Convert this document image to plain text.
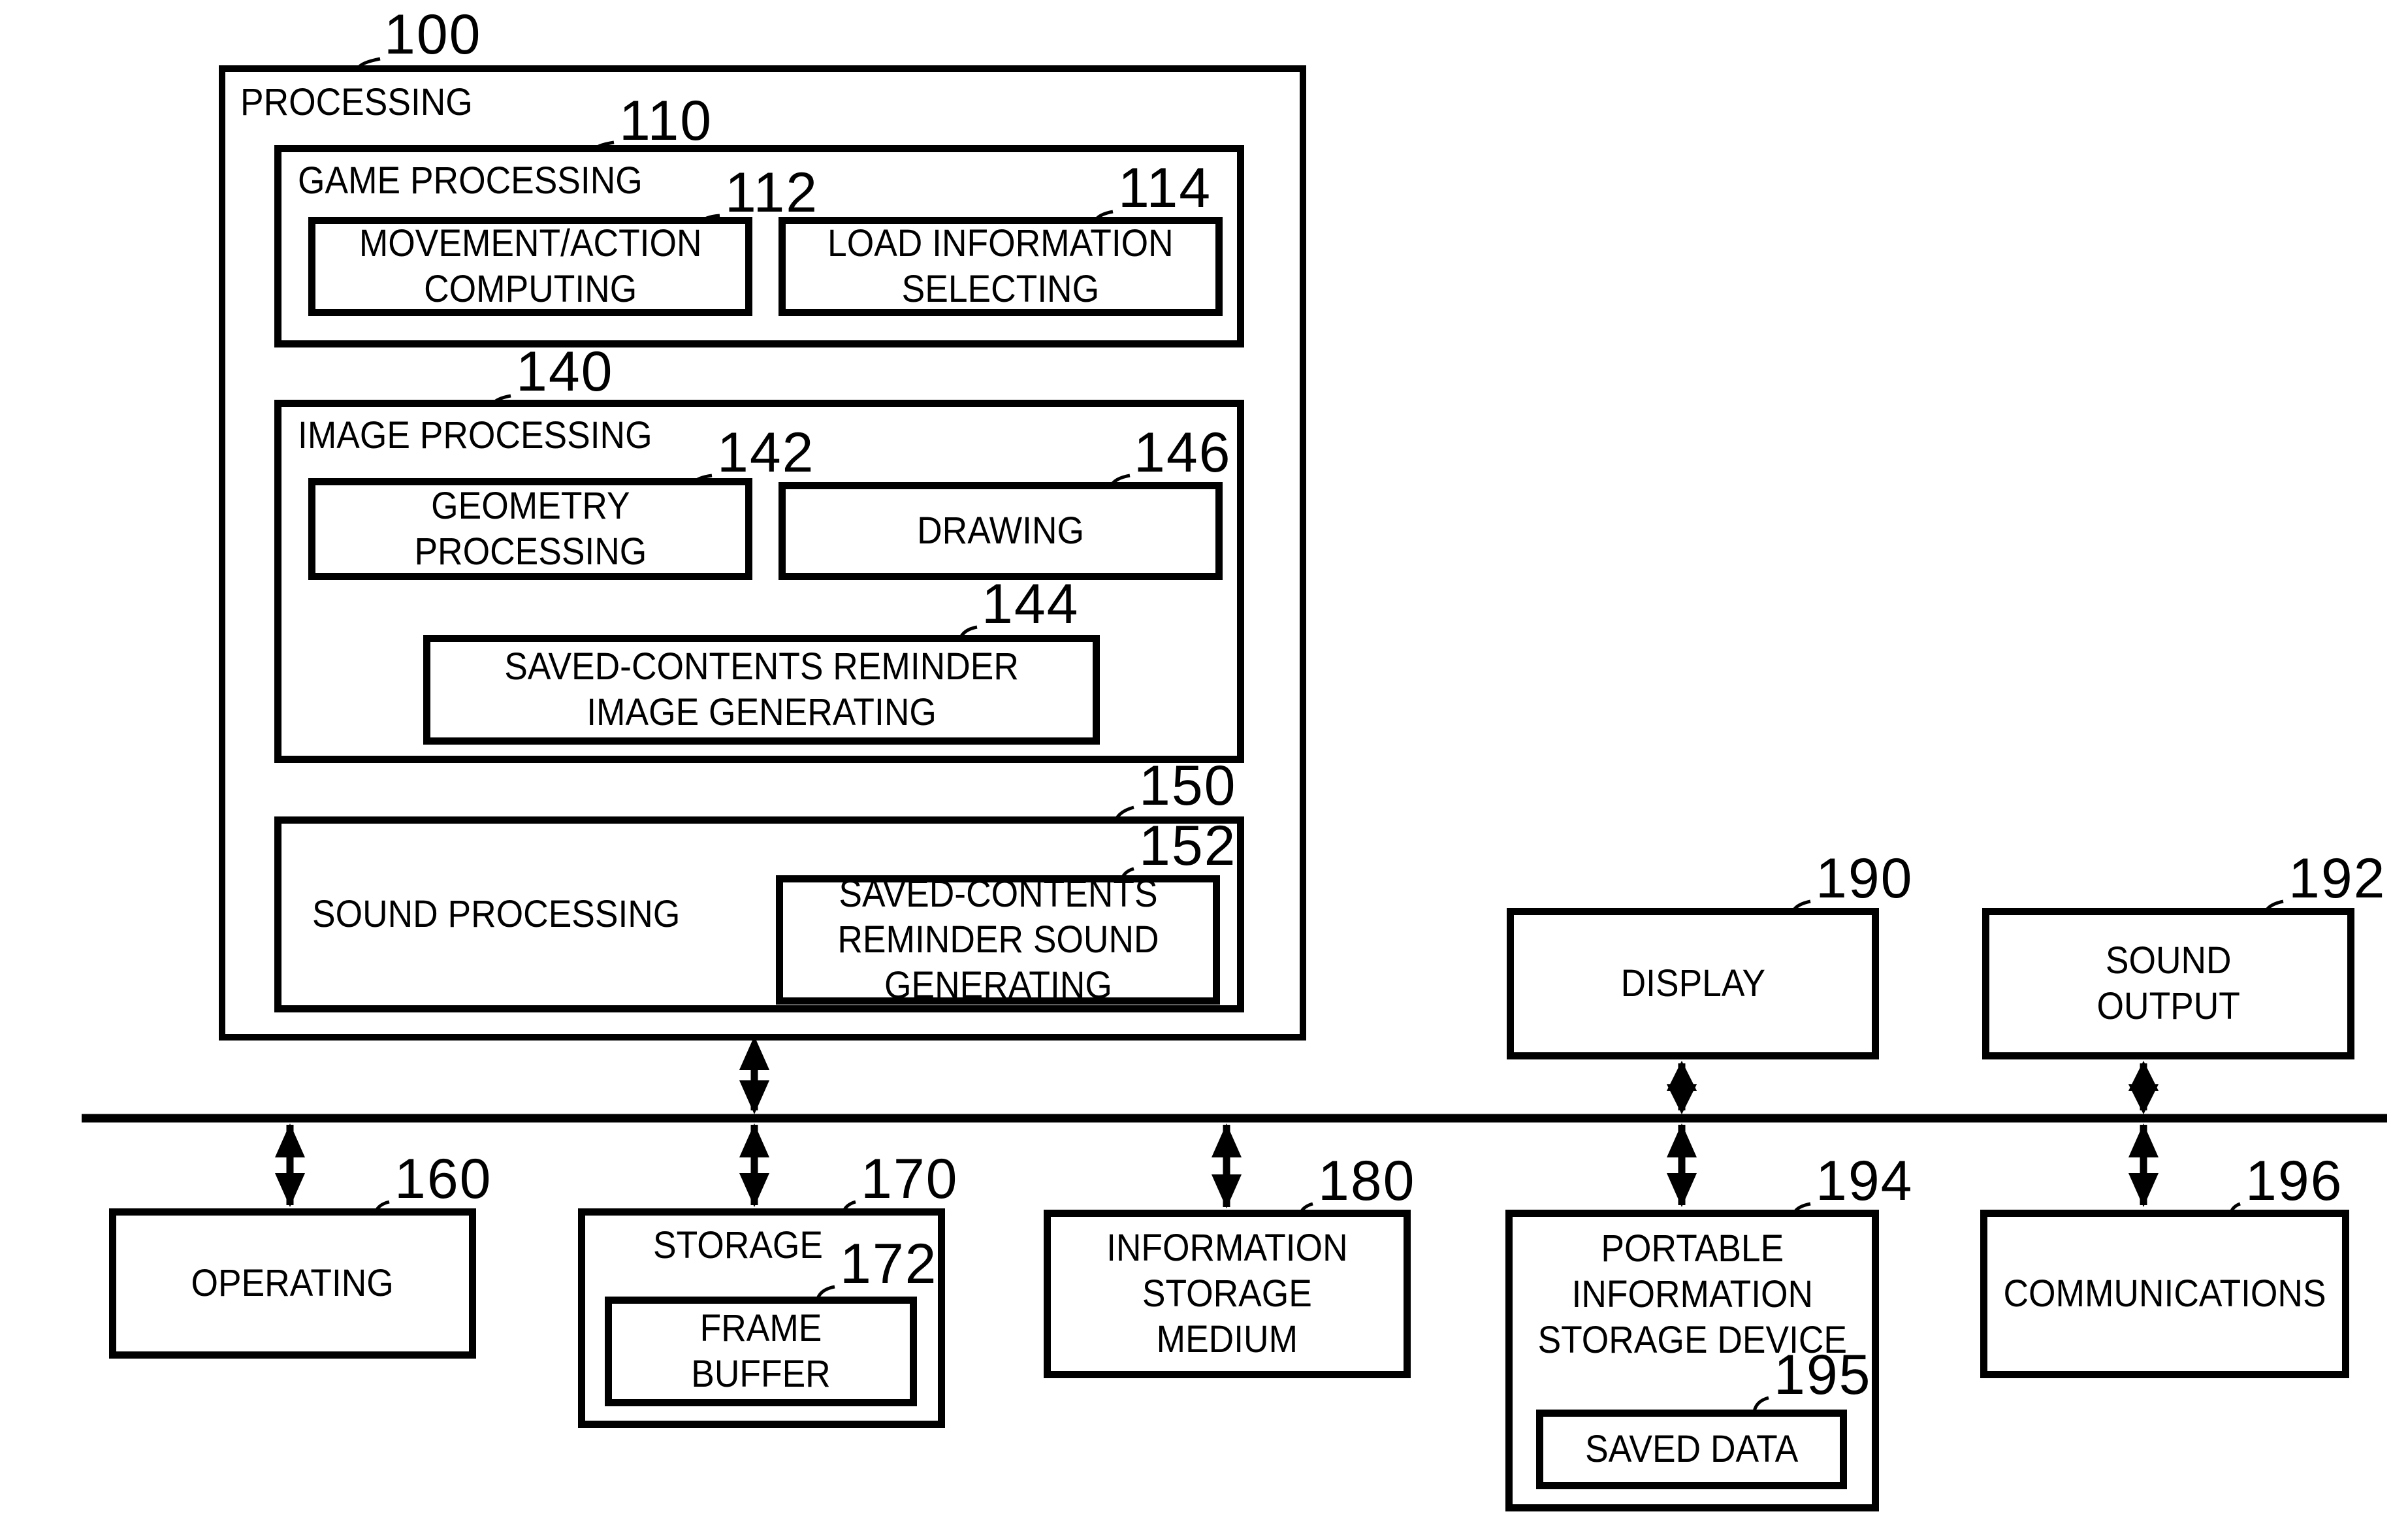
PROCESSING
100
GAME PROCESSING
110
MOVEMENT/ACTION
COMPUTING
112
LOAD INFORMATION
SELECTING
114
IMAGE PROCESSING
140
GEOMETRY
PROCESSING
142
DRAWING
146
SAVED-CONTENTS REMINDER
IMAGE GENERATING
144
SOUND PROCESSING
150
SAVED-CONTENTS
REMINDER SOUND
GENERATING
152
DISPLAY
190
SOUND
OUTPUT
192
OPERATING
160
STORAGE
170
FRAME
BUFFER
172	INFORMATION
STORAGE
MEDIUM
180
PORTABLE
INFORMATION
STORAGE DEVICE
194
SAVED DATA
195
COMMUNICATIONS
196
